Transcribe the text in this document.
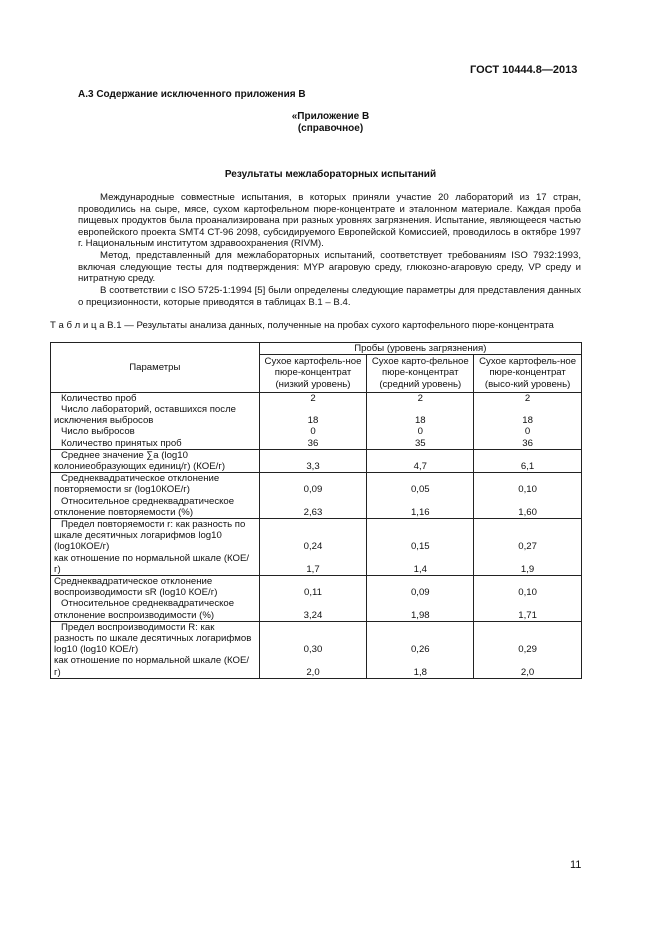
ГОСТ 10444.8—2013
А.3 Содержание исключенного приложения В
«Приложение В
(справочное)
Результаты межлабораторных испытаний
Международные совместные испытания, в которых приняли участие 20 лабораторий из 17 стран, проводились на сыре, мясе, сухом картофельном пюре-концентрате и эталонном материале. Каждая проба пищевых продуктов была проанализирована при разных уровнях загрязнения. Испытание, являющееся частью европейского проекта SMT4 CT-96 2098, субсидируемого Европейской Комиссией, проводилось в октябре 1997 г. Национальным институтом здравоохранения (RIVM).
Метод, представленный для межлабораторных испытаний, соответствует требованиям ISO 7932:1993, включая следующие тесты для подтверждения: MYP агаровую среду, глюкозно-агаровую среду, VP среду и нитратную среду.
В соответствии с ISO 5725-1:1994 [5] были определены следующие параметры для представления данных о прецизионности, которые приводятся в таблицах В.1 – В.4.
Т а б л и ц а В.1 — Результаты анализа данных, полученные на пробах сухого картофельного пюре-концентрата
Параметры	Пробы (уровень загрязнения)		
	Сухое картофель-ное пюре-концентрат (низкий уровень)	Сухое карто-фельное пюре-концентрат (средний уровень)	Сухое картофель-ное пюре-концентрат (высо-кий уровень)
Количество проб	2	2	2
Число лабораторий, оставшихся после исключения выбросов	18	18	18
Число выбросов	0	0	0
Количество принятых проб	36	35	36
Среднее значение ∑a (log10 колониеобразующих единиц/г) (КОЕ/г)	3,3	4,7	6,1
Среднеквадратическое отклонение повторяемости sr (log10КОЕ/г)	0,09	0,05	0,10
Относительное среднеквадратическое отклонение повторяемости (%)	2,63	1,16	1,60
Предел повторяемости r: как разность по шкале десятичных логарифмов log10 (log10КОЕ/г)	0,24	0,15	0,27
как отношение по нормальной шкале (КОЕ/г)	1,7	1,4	1,9
Среднеквадратическое отклонение воспроизводимости sR (log10 КОЕ/г)	0,11	0,09	0,10
Относительное среднеквадратическое отклонение воспроизводимости (%)	3,24	1,98	1,71
Предел воспроизводимости R: как разность по шкале десятичных логарифмов log10 (log10 КОЕ/г)	0,30	0,26	0,29
как отношение по нормальной шкале (КОЕ/г)	2,0	1,8	2,0
11
